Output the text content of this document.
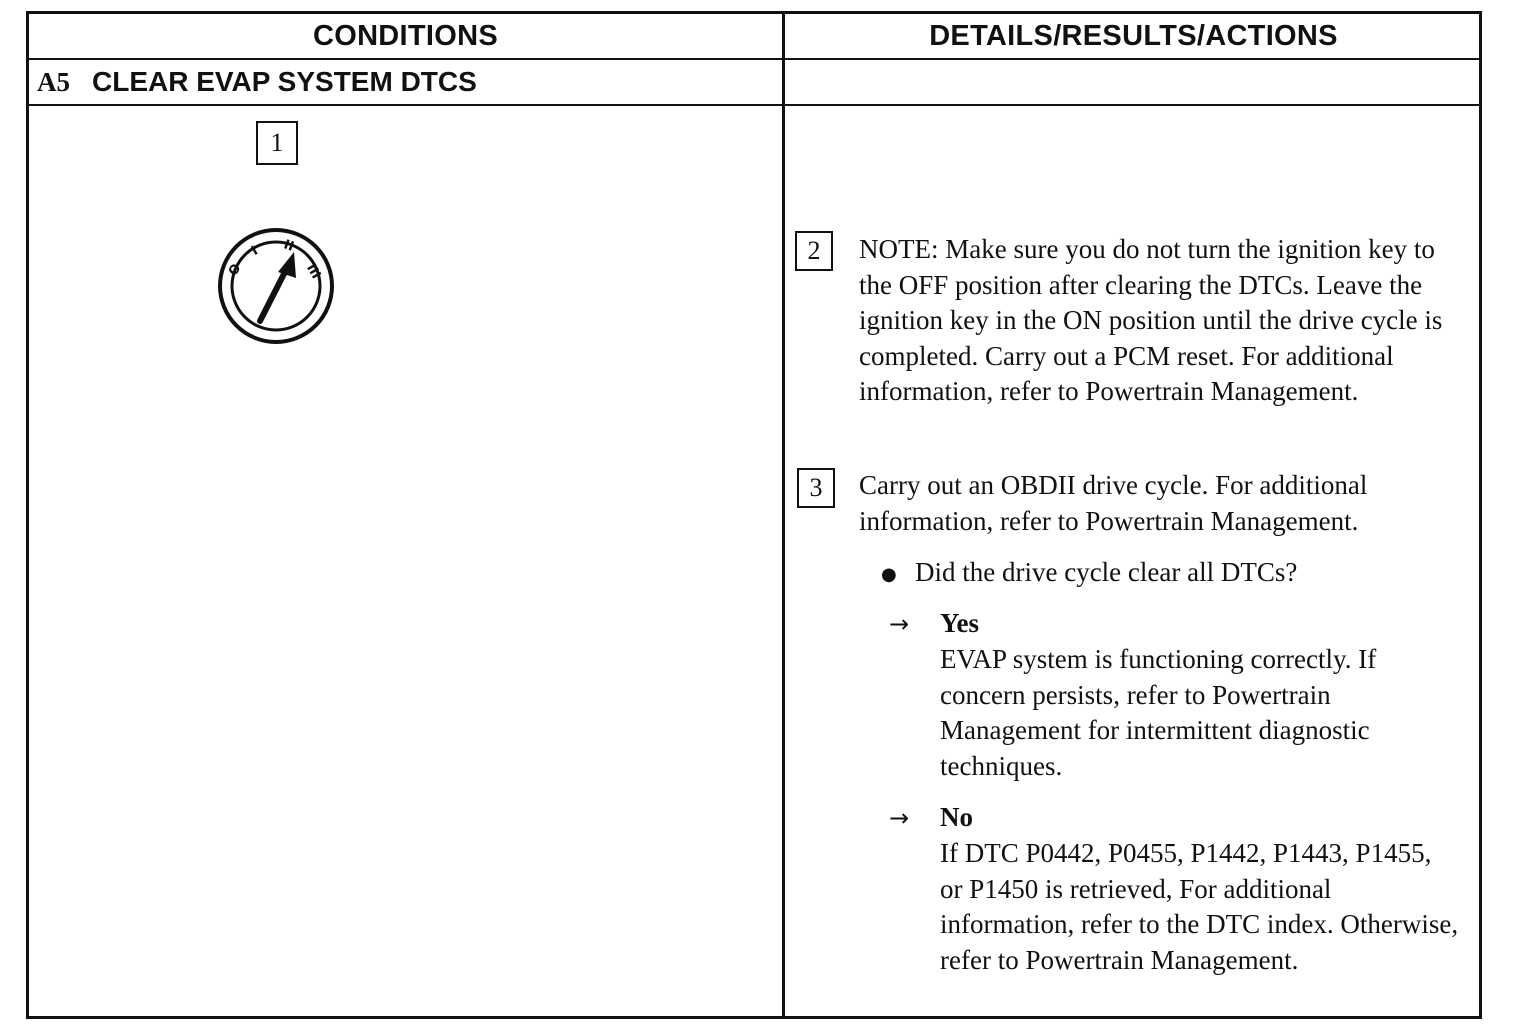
CONDITIONS	DETAILS/RESULTS/ACTIONS
A5 CLEAR EVAP SYSTEM DTCS
1
O
I II
III
2	NOTE: Make sure you do not turn the ignition key to the OFF position after clearing the DTCs. Leave the ignition key in the ON position until the drive cycle is completed. Carry out a PCM reset. For additional information, refer to Powertrain Management.
3	Carry out an OBDII drive cycle. For additional information, refer to Powertrain Management.
● Did the drive cycle clear all DTCs?
→ Yes
EVAP system is functioning correctly. If concern persists, refer to Powertrain Management for intermittent diagnostic techniques.
→ No
If DTC P0442, P0455, P1442, P1443, P1455, or P1450 is retrieved, For additional information, refer to the DTC index. Otherwise, refer to Powertrain Management.
